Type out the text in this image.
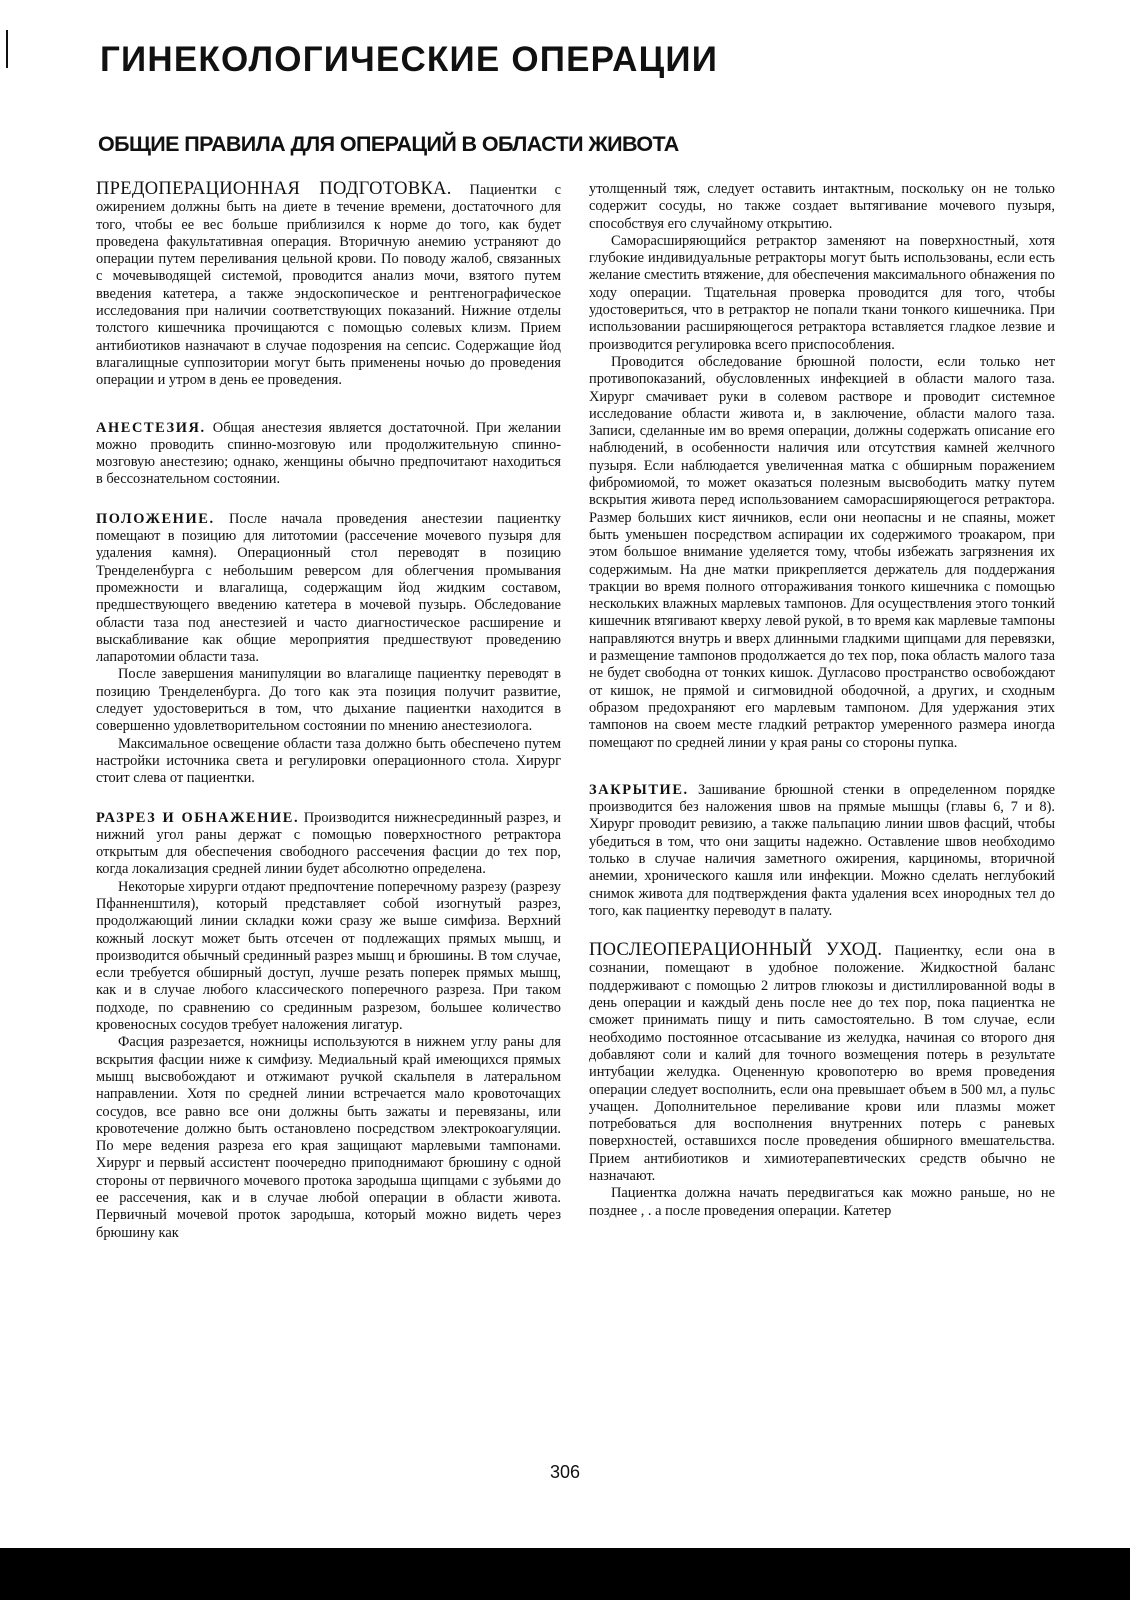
ГИНЕКОЛОГИЧЕСКИЕ ОПЕРАЦИИ
ОБЩИЕ ПРАВИЛА ДЛЯ ОПЕРАЦИЙ В ОБЛАСТИ ЖИВОТА

ПРЕДОПЕРАЦИОННАЯ ПОДГОТОВКА. Пациентки с ожирением должны быть на диете в течение времени, достаточного для того, чтобы ее вес больше приблизился к норме до того, как будет проведена факультативная операция. Вторичную анемию устраняют до операции путем переливания цельной крови. По поводу жалоб, связанных с мочевыводящей системой, проводится анализ мочи, взятого путем введения катетера, а также эндоскопическое и рентгенографическое исследования при наличии соответствующих показаний. Нижние отделы толстого кишечника прочищаются с помощью солевых клизм. Прием антибиотиков назначают в случае подозрения на сепсис. Содержащие йод влагалищные суппозитории могут быть применены ночью до проведения операции и утром в день ее проведения.

АНЕСТЕЗИЯ. Общая анестезия является достаточной. При желании можно проводить спинно-мозговую или продолжительную спинно-мозговую анестезию; однако, женщины обычно предпочитают находиться в бессознательном состоянии.

ПОЛОЖЕНИЕ. После начала проведения анестезии пациентку помещают в позицию для литотомии (рассечение мочевого пузыря для удаления камня). Операционный стол переводят в позицию Тренделенбурга с небольшим реверсом для облегчения промывания промежности и влагалища, содержащим йод жидким составом, предшествующего введению катетера в мочевой пузырь. Обследование области таза под анестезией и часто диагностическое расширение и выскабливание как общие мероприятия предшествуют проведению лапаротомии области таза.

После завершения манипуляции во влагалище пациентку переводят в позицию Тренделенбурга. До того как эта позиция получит развитие, следует удостовериться в том, что дыхание пациентки находится в совершенно удовлетворительном состоянии по мнению анестезиолога.

Максимальное освещение области таза должно быть обеспечено путем настройки источника света и регулировки операционного стола. Хирург стоит слева от пациентки.

РАЗРЕЗ И ОБНАЖЕНИЕ. Производится нижнесрединный разрез, и нижний угол раны держат с помощью поверхностного ретрактора открытым для обеспечения свободного рассечения фасции до тех пор, когда локализация средней линии будет абсолютно определена.

Некоторые хирурги отдают предпочтение поперечному разрезу (разрезу Пфанненштиля), который представляет собой изогнутый разрез, продолжающий линии складки кожи сразу же выше симфиза. Верхний кожный лоскут может быть отсечен от подлежащих прямых мышц, и производится обычный срединный разрез мышц и брюшины. В том случае, если требуется обширный доступ, лучше резать поперек прямых мышц, как и в случае любого классического поперечного разреза. При таком подходе, по сравнению со срединным разрезом, большее количество кровеносных сосудов требует наложения лигатур.

Фасция разрезается, ножницы используются в нижнем углу раны для вскрытия фасции ниже к симфизу. Медиальный край имеющихся прямых мышц высвобождают и отжимают ручкой скальпеля в латеральном направлении. Хотя по средней линии встречается мало кровоточащих сосудов, все равно все они должны быть зажаты и перевязаны, или кровотечение должно быть остановлено посредством электрокоагуляции. По мере ведения разреза его края защищают марлевыми тампонами. Хирург и первый ассистент поочередно приподнимают брюшину с одной стороны от первичного мочевого протока зародыша щипцами с зубьями до ее рассечения, как и в случае любой операции в области живота. Первичный мочевой проток зародыша, который можно видеть через брюшину как

утолщенный тяж, следует оставить интактным, поскольку он не только содержит сосуды, но также создает вытягивание мочевого пузыря, способствуя его случайному открытию.

Саморасширяющийся ретрактор заменяют на поверхностный, хотя глубокие индивидуальные ретракторы могут быть использованы, если есть желание сместить втяжение, для обеспечения максимального обнажения по ходу операции. Тщательная проверка проводится для того, чтобы удостовериться, что в ретрактор не попали ткани тонкого кишечника. При использовании расширяющегося ретрактора вставляется гладкое лезвие и производится регулировка всего приспособления.

Проводится обследование брюшной полости, если только нет противопоказаний, обусловленных инфекцией в области малого таза. Хирург смачивает руки в солевом растворе и проводит системное исследование области живота и, в заключение, области малого таза. Записи, сделанные им во время операции, должны содержать описание его наблюдений, в особенности наличия или отсутствия камней желчного пузыря. Если наблюдается увеличенная матка с обширным поражением фибромиомой, то может оказаться полезным высвободить матку путем вскрытия живота перед использованием саморасширяющегося ретрактора. Размер больших кист яичников, если они неопасны и не спаяны, может быть уменьшен посредством аспирации их содержимого троакаром, при этом большое внимание уделяется тому, чтобы избежать загрязнения их содержимым. На дне матки прикрепляется держатель для поддержания тракции во время полного отгораживания тонкого кишечника с помощью нескольких влажных марлевых тампонов. Для осуществления этого тонкий кишечник втягивают кверху левой рукой, в то время как марлевые тампоны направляются внутрь и вверх длинными гладкими щипцами для перевязки, и размещение тампонов продолжается до тех пор, пока область малого таза не будет свободна от тонких кишок. Дугласово пространство освобождают от кишок, не прямой и сигмовидной ободочной, а других, и сходным образом предохраняют его марлевым тампоном. Для удержания этих тампонов на своем месте гладкий ретрактор умеренного размера иногда помещают по средней линии у края раны со стороны пупка.

ЗАКРЫТИЕ. Зашивание брюшной стенки в определенном порядке производится без наложения швов на прямые мышцы (главы 6, 7 и 8). Хирург проводит ревизию, а также пальпацию линии швов фасций, чтобы убедиться в том, что они защиты надежно. Оставление швов необходимо только в случае наличия заметного ожирения, карциномы, вторичной анемии, хронического кашля или инфекции. Можно сделать неглубокий снимок живота для подтверждения факта удаления всех инородных тел до того, как пациентку переводут в палату.

ПОСЛЕОПЕРАЦИОННЫЙ УХОД. Пациентку, если она в сознании, помещают в удобное положение. Жидкостной баланс поддерживают с помощью 2 литров глюкозы и дистиллированной воды в день операции и каждый день после нее до тех пор, пока пациентка не сможет принимать пищу и пить самостоятельно. В том случае, если необходимо постоянное отсасывание из желудка, начиная со второго дня добавляют соли и калий для точного возмещения потерь в результате интубации желудка. Оцененную кровопотерю во время проведения операции следует восполнить, если она превышает объем в 500 мл, а пульс учащен. Дополнительное переливание крови или плазмы может потребоваться для восполнения внутренних потерь с раневых поверхностей, оставшихся после проведения обширного вмешательства. Прием антибиотиков и химиотерапевтических средств обычно не назначают.

Пациентка должна начать передвигаться как можно раньше, но не позднее , . а после проведения операции. Катетер

306
